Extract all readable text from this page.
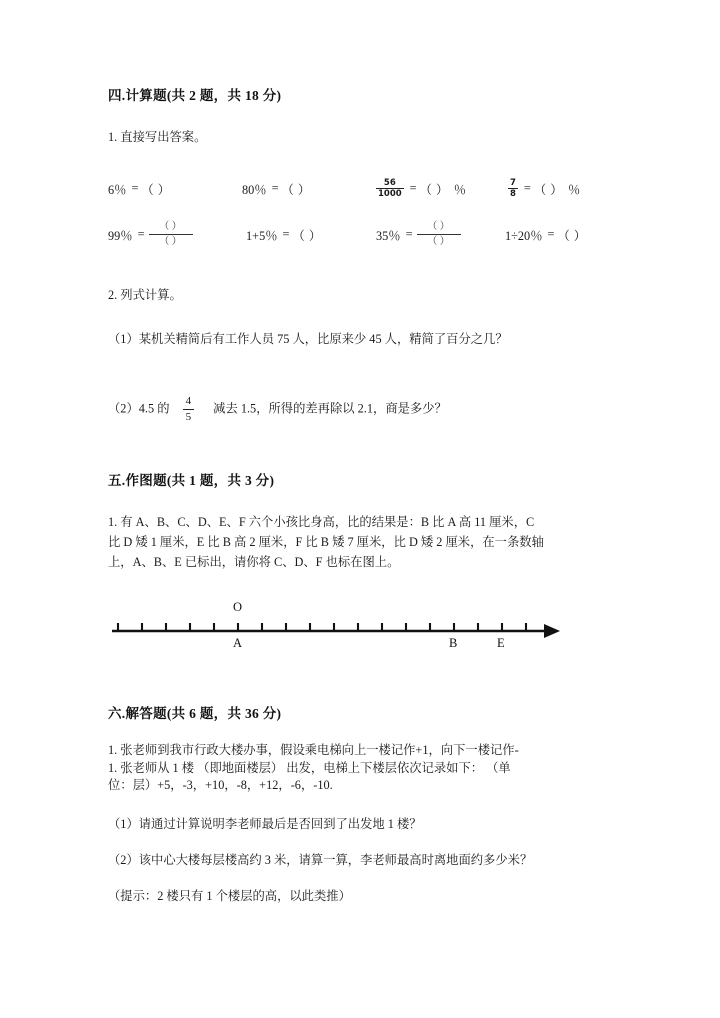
四.计算题(共 2 题，共 18 分)

1. 直接写出答案。

6％ = （ ）	80％ = （ ）	$\frac{56}{1000}$ = （ ） ％	$\frac{7}{8}$ = （ ） ％
99％ = $\frac{( )}{( )}$	1+5％ = （ ）	35％ = $\frac{( )}{( )}$	1÷20％ = （ ）

2. 列式计算。

（1）某机关精简后有工作人员 75 人，比原来少 45 人，精简了百分之几？

（2）4.5 的 $\frac{4}{5}$ 减去 1.5，所得的差再除以 2.1，商是多少？

五.作图题(共 1 题，共 3 分)

1. 有 A、B、C、D、E、F 六个小孩比身高，比的结果是：B 比 A 高 11 厘米，C

比 D 矮 1 厘米，E 比 B 高 2 厘米，F 比 B 矮 7 厘米，比 D 矮 2 厘米，在一条数轴

上，A、B、E 已标出，请你将 C、D、F 也标在图上。

O
A	B	E
六.解答题(共 6 题，共 36 分)

1. 张老师到我市行政大楼办事，假设乘电梯向上一楼记作+1，向下一楼记作-

1. 张老师从 1 楼 （即地面楼层） 出发，电梯上下楼层依次记录如下： （单

位：层）+5，-3，+10，-8，+12，-6，-10.

（1）请通过计算说明李老师最后是否回到了出发地 1 楼？

（2）该中心大楼每层楼高约 3 米，请算一算，李老师最高时离地面约多少米？

（提示：2 楼只有 1 个楼层的高，以此类推）
